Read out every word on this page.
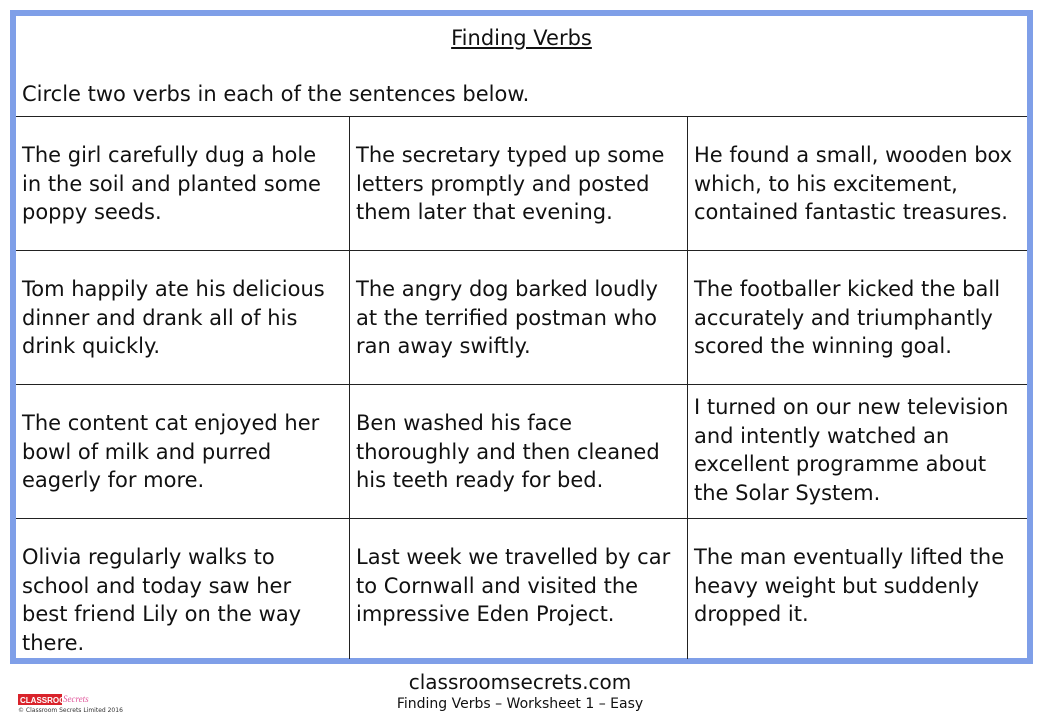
Finding Verbs
Circle two verbs in each of the sentences below.
The girl carefully dug a hole in the soil and planted some poppy seeds.
The secretary typed up some letters promptly and posted them later that evening.
He found a small, wooden box which, to his excitement, contained fantastic treasures.
Tom happily ate his delicious dinner and drank all of his drink quickly.
The angry dog barked loudly at the terrified postman who ran away swiftly.
The footballer kicked the ball accurately and triumphantly scored the winning goal.
The content cat enjoyed her bowl of milk and purred eagerly for more.
Ben washed his face thoroughly and then cleaned his teeth ready for bed.
I turned on our new television and intently watched an excellent programme about the Solar System.
Olivia regularly walks to school and today saw her best friend Lily on the way there.
Last week we travelled by car to Cornwall and visited the impressive Eden Project.
The man eventually lifted the heavy weight but suddenly dropped it.
classroomsecrets.com
Finding Verbs – Worksheet 1 – Easy
CLASSROOM
Secrets
© Classroom Secrets Limited 2016
